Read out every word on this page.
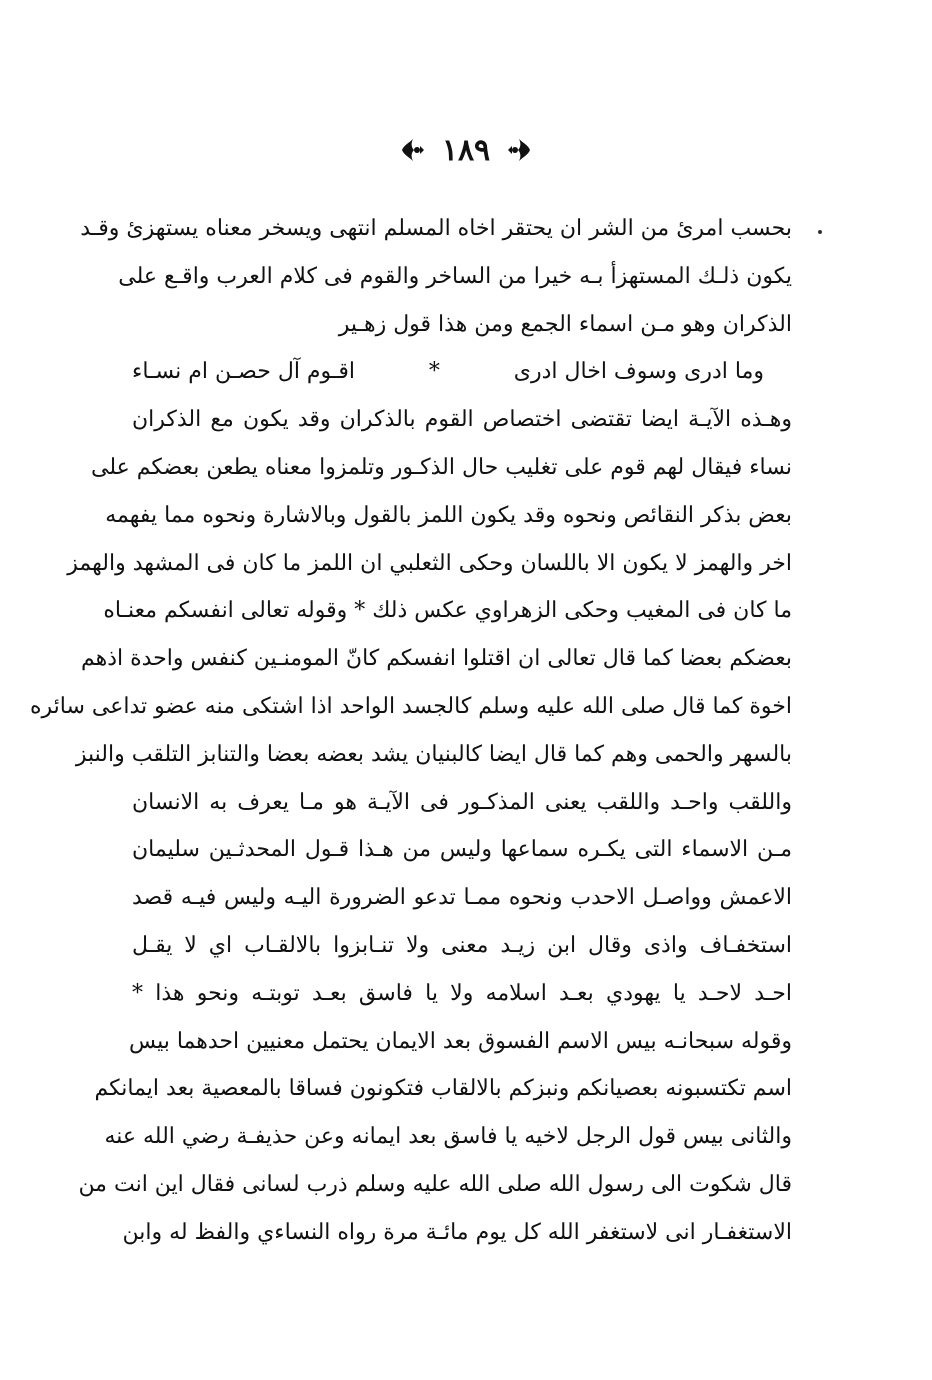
١٨٩
بحسب امرئ من الشر ان يحتقر اخاه المسلم انتهى ويسخر معناه يستهزئ وقـد
يكون ذلـك المستهزأ بـه خيرا من الساخر والقوم فى كلام العرب واقـع على
الذكران وهو مـن اسماء الجمع ومن هذا قول زهـير
وما ادرى وسوف اخال ادرى
*
اقـوم آل حصـن ام نسـاء
وهـذه الآيـة ايضا تقتضى اختصاص القوم بالذكران وقد يكون مع الذكران
نساء فيقال لهم قوم على تغليب حال الذكـور وتلمزوا معناه يطعن بعضكم على
بعض بذكر النقائص ونحوه وقد يكون اللمز بالقول وبالاشارة ونحوه مما يفهمه
اخر والهمز لا يكون الا باللسان وحكى الثعلبي ان اللمز ما كان فى المشهد والهمز
ما كان فى المغيب وحكى الزهراوي عكس ذلك * وقوله تعالى انفسكم معنـاه
بعضكم بعضا كما قال تعالى ان اقتلوا انفسكم كانّ المومنـين كنفس واحدة اذهم
اخوة كما قال صلى الله عليه وسلم كالجسد الواحد اذا اشتكى منه عضو تداعى سائره
بالسهر والحمى وهم كما قال ايضا كالبنيان يشد بعضه بعضا والتنابز التلقب والنبز
واللقب واحـد واللقب يعنى المذكـور فى الآيـة هو مـا يعرف به الانسان
مـن الاسماء التى يكـره سماعها وليس من هـذا قـول المحدثـين سليمان
الاعمش وواصـل الاحدب ونحوه ممـا تدعو الضرورة اليـه وليس فيـه قصد
استخفـاف واذى وقال ابن زيـد معنى ولا تنـابزوا بالالقـاب اي لا يقـل
احـد لاحـد يا يهودي بعـد اسلامه ولا يا فاسق بعـد توبتـه ونحو هذا *
وقوله سبحانـه بيس الاسم الفسوق بعد الايمان يحتمل معنيين احدهما بيس
اسم تكتسبونه بعصيانكم ونبزكم بالالقاب فتكونون فساقا بالمعصية بعد ايمانكم
والثانى بيس قول الرجل لاخيه يا فاسق بعد ايمانه وعن حذيفـة رضي الله عنه
قال شكوت الى رسول الله صلى الله عليه وسلم ذرب لسانى فقال اين انت من
الاستغفـار انى لاستغفر الله كل يوم مائـة مرة رواه النساءي والفظ له وابن
